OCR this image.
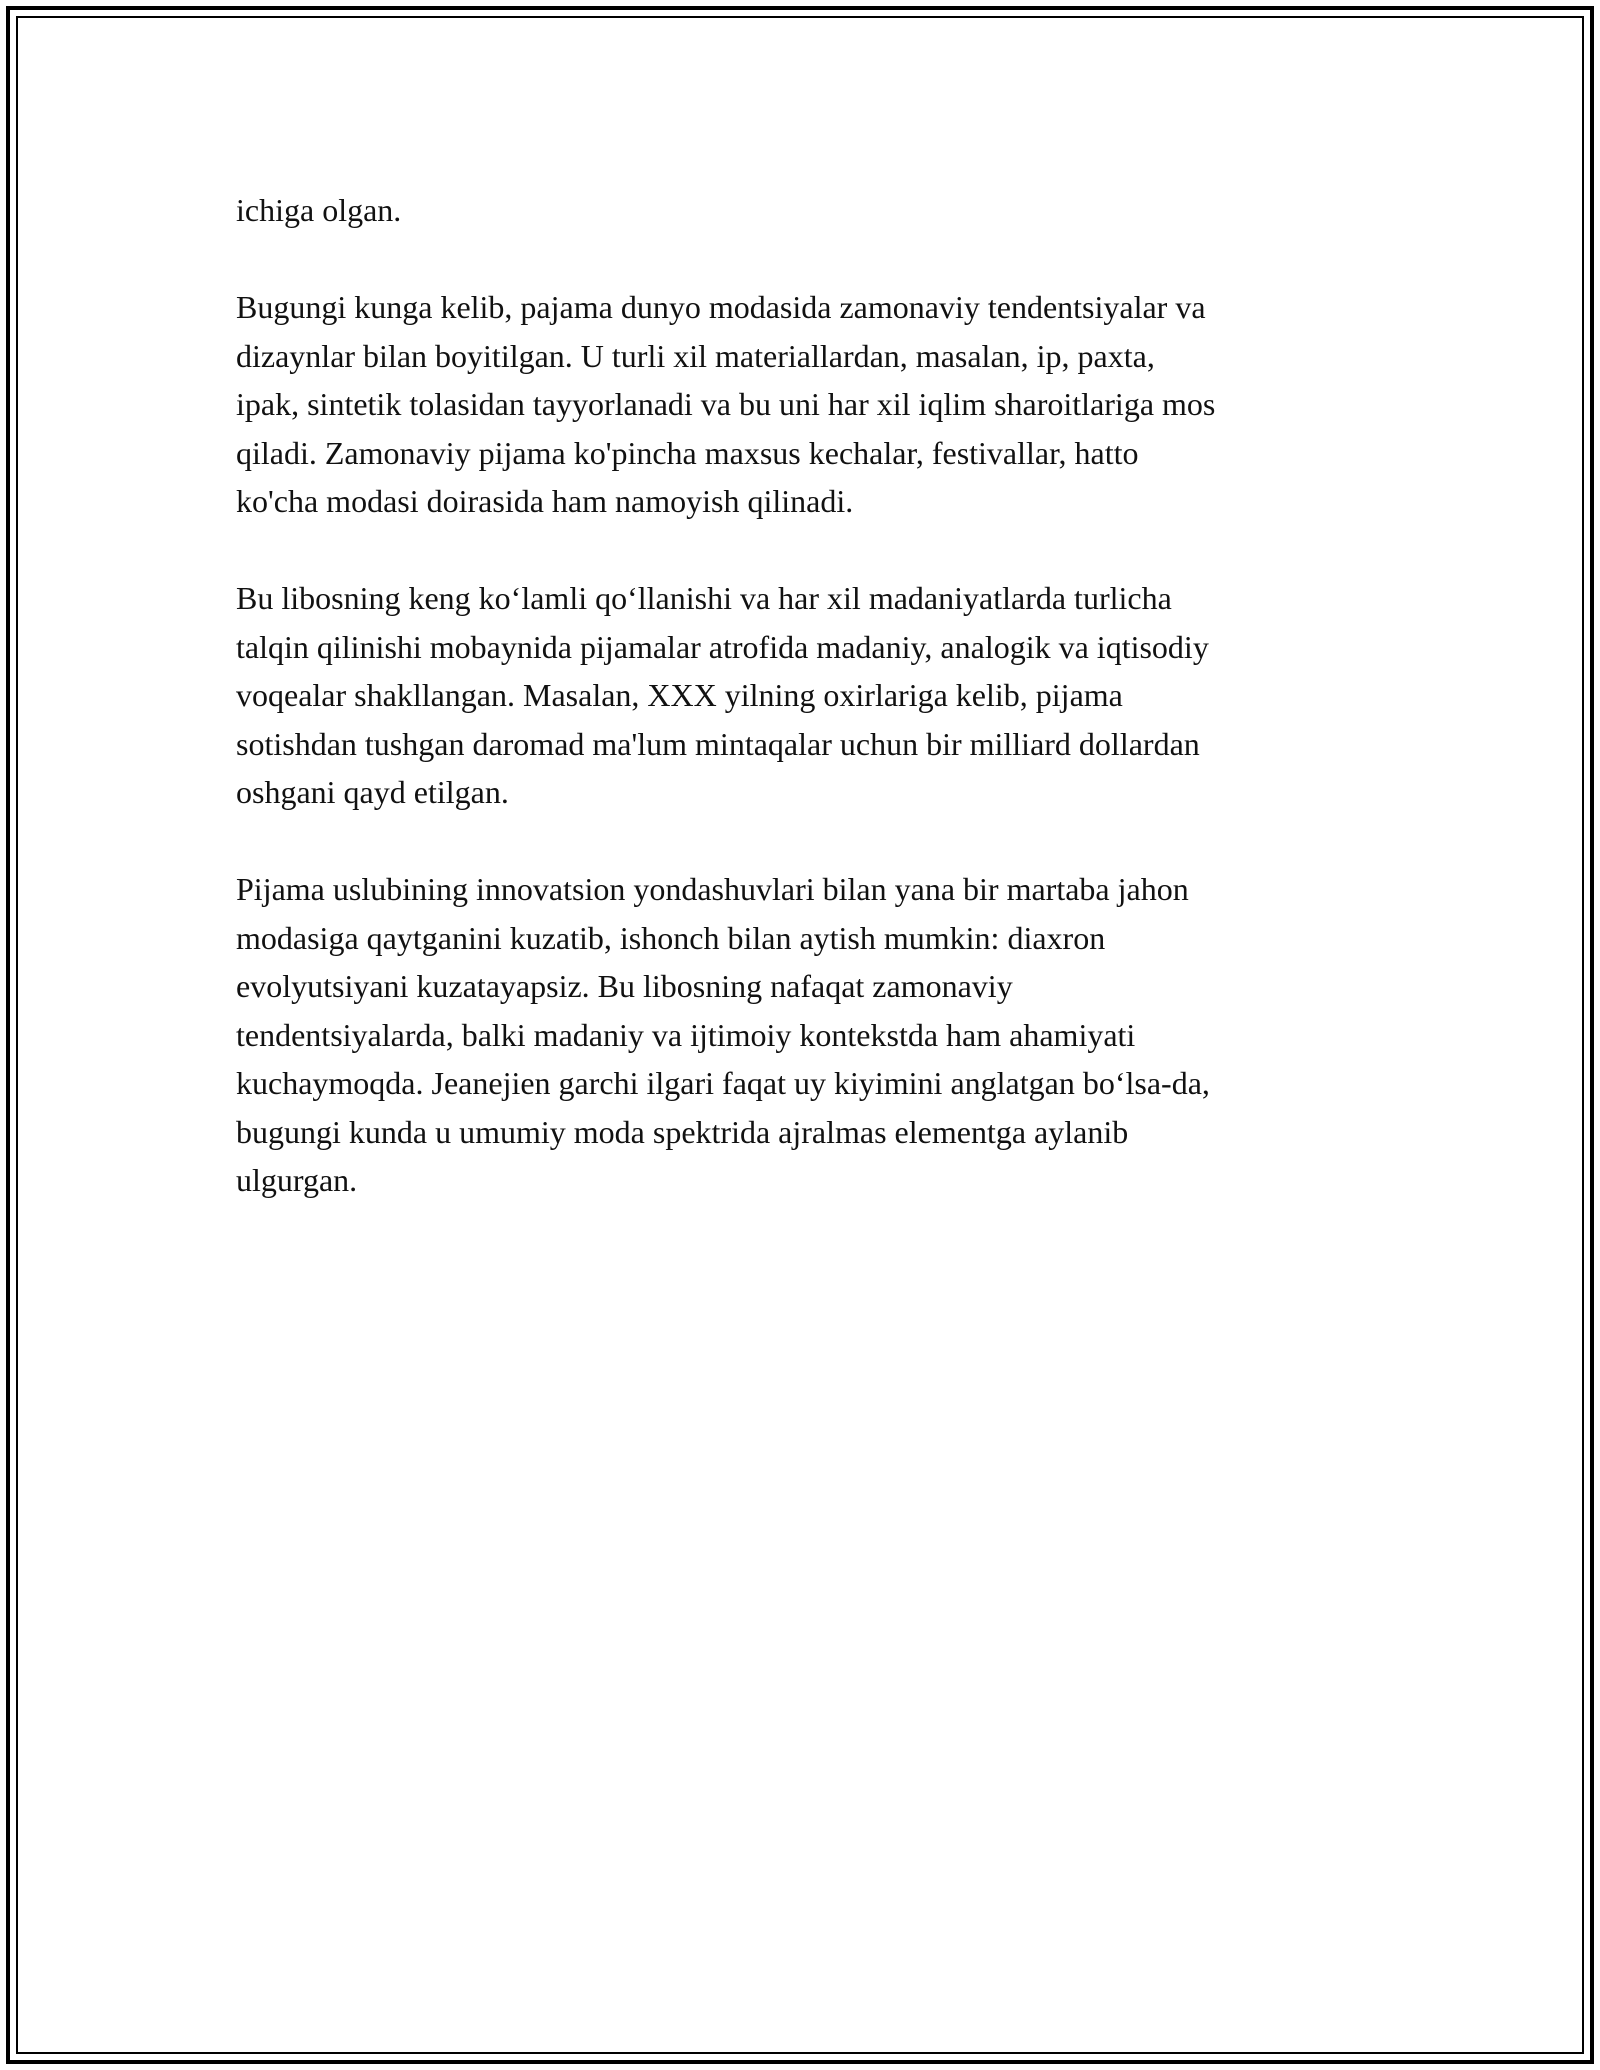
ichiga olgan.

Bugungi kunga kelib, pajama dunyo modasida zamonaviy tendentsiyalar va
dizaynlar bilan boyitilgan. U turli xil materiallardan, masalan, ip, paxta,
ipak, sintetik tolasidan tayyorlanadi va bu uni har xil iqlim sharoitlariga mos
qiladi. Zamonaviy pijama ko'pincha maxsus kechalar, festivallar, hatto
ko'cha modasi doirasida ham namoyish qilinadi.

Bu libosning keng ko‘lamli qo‘llanishi va har xil madaniyatlarda turlicha
talqin qilinishi mobaynida pijamalar atrofida madaniy, analogik va iqtisodiy
voqealar shakllangan. Masalan, XXX yilning oxirlariga kelib, pijama
sotishdan tushgan daromad ma'lum mintaqalar uchun bir milliard dollardan
oshgani qayd etilgan.

Pijama uslubining innovatsion yondashuvlari bilan yana bir martaba jahon
modasiga qaytganini kuzatib, ishonch bilan aytish mumkin: diaxron
evolyutsiyani kuzatayapsiz. Bu libosning nafaqat zamonaviy
tendentsiyalarda, balki madaniy va ijtimoiy kontekstda ham ahamiyati
kuchaymoqda. Jeanejien garchi ilgari faqat uy kiyimini anglatgan bo‘lsa-da,
bugungi kunda u umumiy moda spektrida ajralmas elementga aylanib
ulgurgan.
